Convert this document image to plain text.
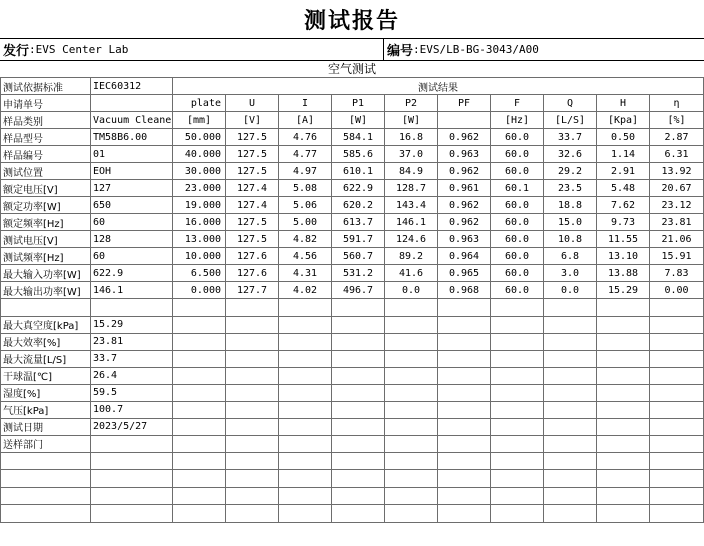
测试报告
发行 :EVS Center Lab	编号 :EVS/LB-BG-3043/A00
空气测试
测试依据标准	IEC60312	测试结果									
申请单号		plate	U	I	P1	P2	PF	F	Q	H	η
样品类别	Vacuum Cleane	[mm]	[V]	[A]	[W]	[W]		[Hz]	[L/S]	[Kpa]	[%]
样品型号	TM58B6.00	50.000	127.5	4.76	584.1	16.8	0.962	60.0	33.7	0.50	2.87
样品编号	01	40.000	127.5	4.77	585.6	37.0	0.963	60.0	32.6	1.14	6.31
测试位置	EOH	30.000	127.5	4.97	610.1	84.9	0.962	60.0	29.2	2.91	13.92
额定电压[V]	127	23.000	127.4	5.08	622.9	128.7	0.961	60.1	23.5	5.48	20.67
额定功率[W]	650	19.000	127.4	5.06	620.2	143.4	0.962	60.0	18.8	7.62	23.12
额定频率[Hz]	60	16.000	127.5	5.00	613.7	146.1	0.962	60.0	15.0	9.73	23.81
测试电压[V]	128	13.000	127.5	4.82	591.7	124.6	0.963	60.0	10.8	11.55	21.06
测试频率[Hz]	60	10.000	127.6	4.56	560.7	89.2	0.964	60.0	6.8	13.10	15.91
最大输入功率[W]	622.9	6.500	127.6	4.31	531.2	41.6	0.965	60.0	3.0	13.88	7.83
最大输出功率[W]	146.1	0.000	127.7	4.02	496.7	0.0	0.968	60.0	0.0	15.29	0.00

最大真空度[kPa]	15.29										
最大效率[%]	23.81										
最大流量[L/S]	33.7										
干球温[℃]	26.4										
湿度[%]	59.5										
气压[kPa]	100.7										
测试日期	2023/5/27										
送样部门											
